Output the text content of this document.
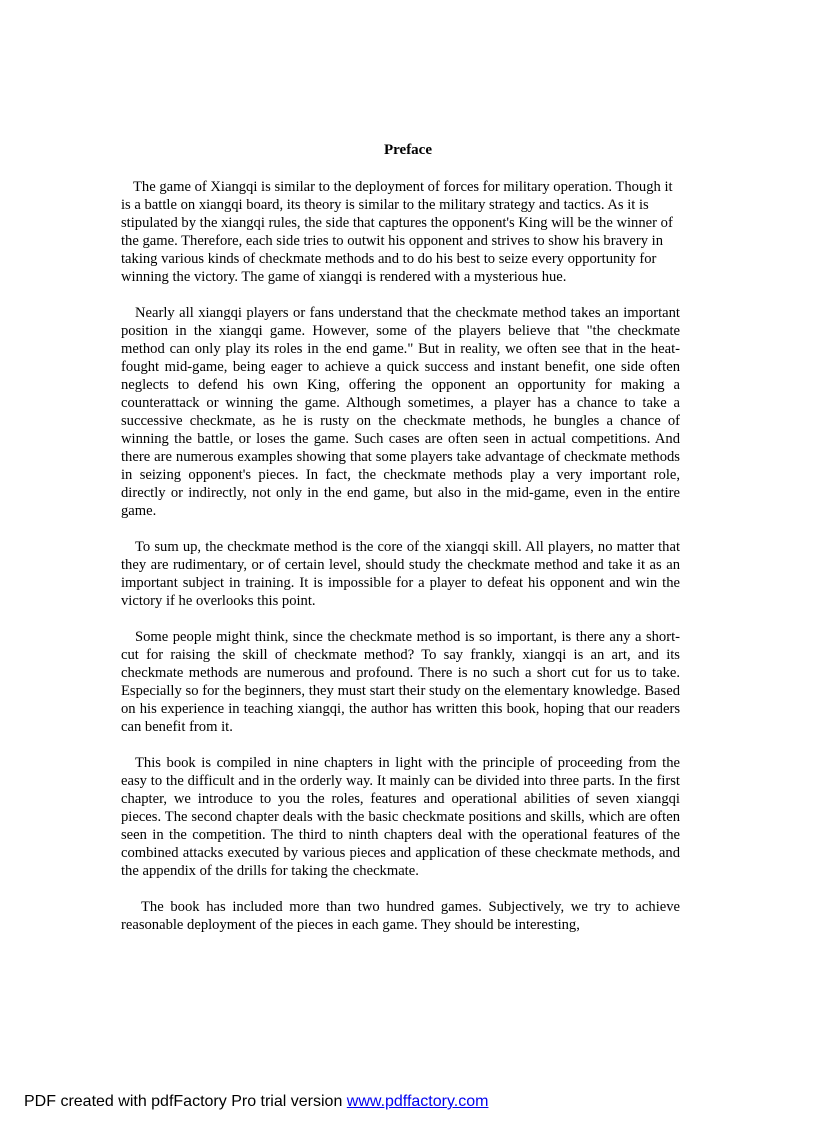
Preface

The game of Xiangqi is similar to the deployment of forces for military operation. Though it is a battle on xiangqi board, its theory is similar to the military strategy and tactics. As it is stipulated by the xiangqi rules, the side that captures the opponent's King will be the winner of the game. Therefore, each side tries to outwit his opponent and strives to show his bravery in taking various kinds of checkmate methods and to do his best to seize every opportunity for winning the victory. The game of xiangqi is rendered with a mysterious hue.

Nearly all xiangqi players or fans understand that the checkmate method takes an important position in the xiangqi game. However, some of the players believe that "the checkmate method can only play its roles in the end game." But in reality, we often see that in the heat-fought mid-game, being eager to achieve a quick success and instant benefit, one side often neglects to defend his own King, offering the opponent an opportunity for making a counterattack or winning the game. Although sometimes, a player has a chance to take a successive checkmate, as he is rusty on the checkmate methods, he bungles a chance of winning the battle, or loses the game. Such cases are often seen in actual competitions. And there are numerous examples showing that some players take advantage of checkmate methods in seizing opponent's pieces. In fact, the checkmate methods play a very important role, directly or indirectly, not only in the end game, but also in the mid-game, even in the entire game.

To sum up, the checkmate method is the core of the xiangqi skill. All players, no matter that they are rudimentary, or of certain level, should study the checkmate method and take it as an important subject in training. It is impossible for a player to defeat his opponent and win the victory if he overlooks this point.

Some people might think, since the checkmate method is so important, is there any a short-cut for raising the skill of checkmate method? To say frankly, xiangqi is an art, and its checkmate methods are numerous and profound. There is no such a short cut for us to take. Especially so for the beginners, they must start their study on the elementary knowledge. Based on his experience in teaching xiangqi, the author has written this book, hoping that our readers can benefit from it.

This book is compiled in nine chapters in light with the principle of proceeding from the easy to the difficult and in the orderly way. It mainly can be divided into three parts. In the first chapter, we introduce to you the roles, features and operational abilities of seven xiangqi pieces. The second chapter deals with the basic checkmate positions and skills, which are often seen in the competition. The third to ninth chapters deal with the operational features of the combined attacks executed by various pieces and application of these checkmate methods, and the appendix of the drills for taking the checkmate.

The book has included more than two hundred games. Subjectively, we try to achieve reasonable deployment of the pieces in each game. They should be interesting,

PDF created with pdfFactory Pro trial version www.pdffactory.com
